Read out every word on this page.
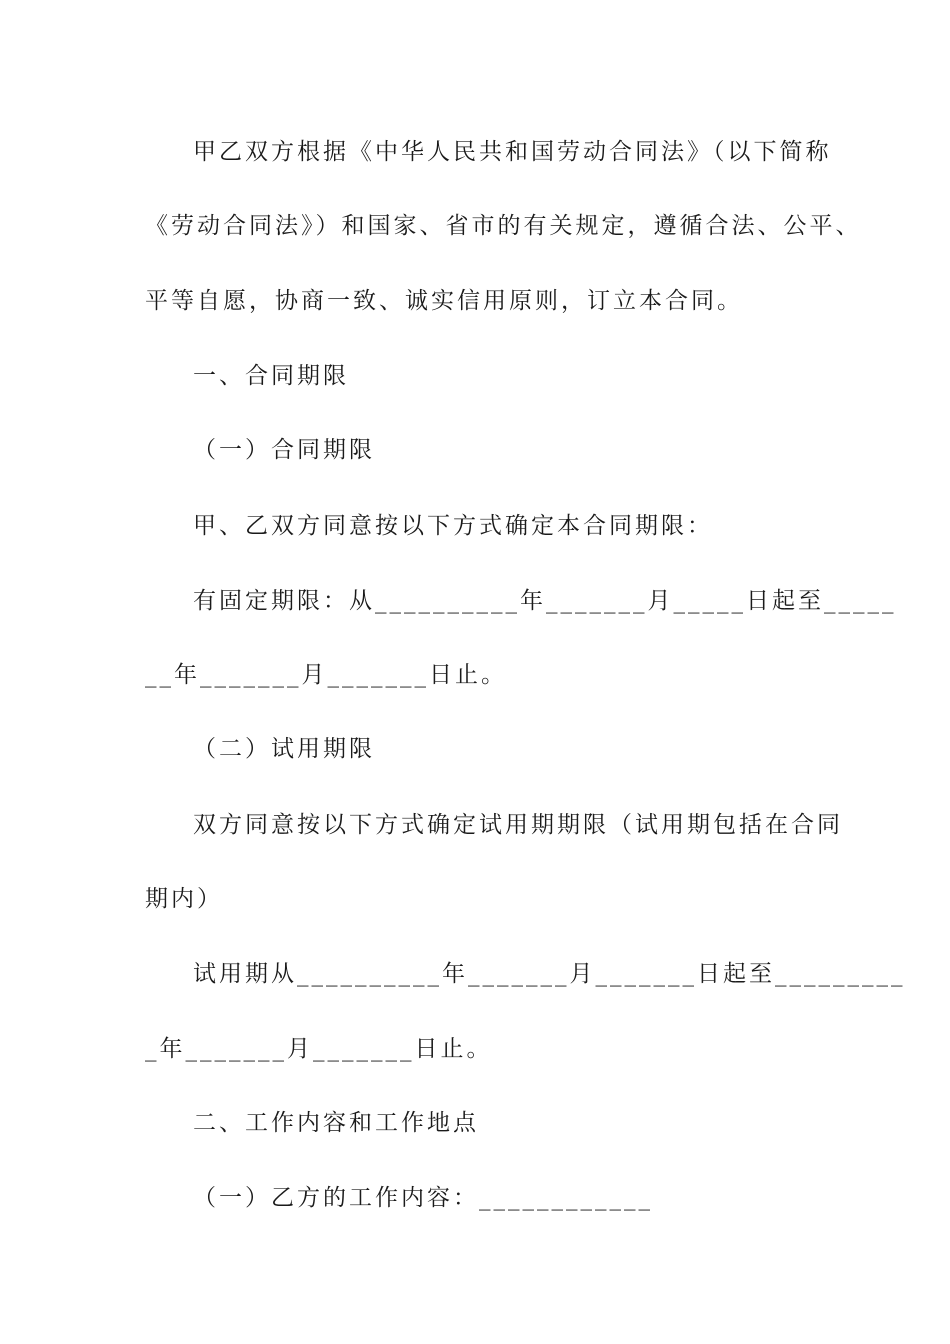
甲乙双方根据《中华人民共和国劳动合同法》（以下简称
《劳动合同法》）和国家、省市的有关规定，遵循合法、公平、
平等自愿，协商一致、诚实信用原则，订立本合同。
一、合同期限
（一）合同期限
甲、乙双方同意按以下方式确定本合同期限：
有固定期限：从__________年_______月_____日起至_____
__年_______月_______日止。
（二）试用期限
双方同意按以下方式确定试用期期限（试用期包括在合同
期内）
试用期从__________年_______月_______日起至_________
_年_______月_______日止。
二、工作内容和工作地点
（一）乙方的工作内容：____________
